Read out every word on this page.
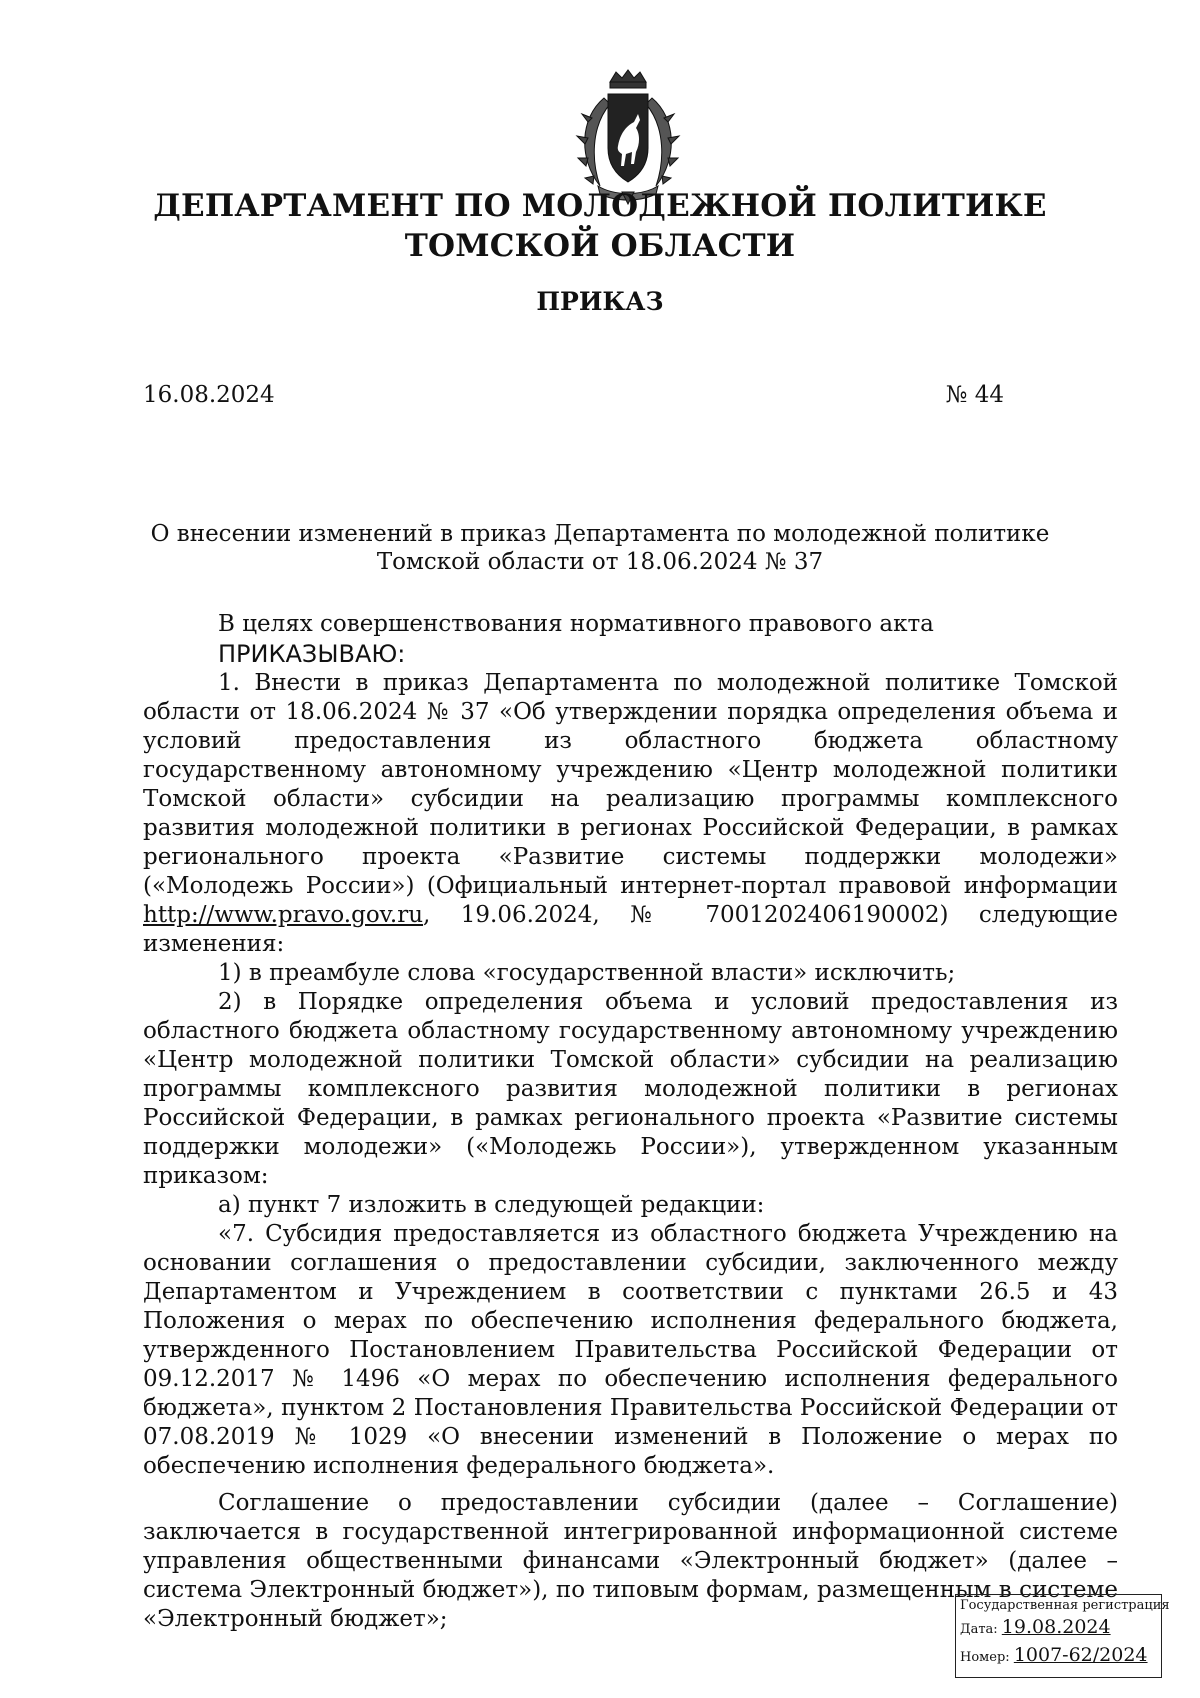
ДЕПАРТАМЕНТ ПО МОЛОДЕЖНОЙ ПОЛИТИКЕ
ТОМСКОЙ ОБЛАСТИ
ПРИКАЗ
16.08.2024	№ 44
О внесении изменений в приказ Департамента по молодежной политике
Томской области от 18.06.2024 № 37

В целях совершенствования нормативного правового акта

ПРИКАЗЫВАЮ:

1. Внести в приказ Департамента по молодежной политике Томской области от 18.06.2024 № 37 «Об утверждении порядка определения объема и условий предоставления из областного бюджета областному государственному автономному учреждению «Центр молодежной политики Томской области» субсидии на реализацию программы комплексного развития молодежной политики в регионах Российской Федерации, в рамках регионального проекта «Развитие системы поддержки молодежи» («Молодежь России») (Официальный интернет-портал правовой информации http://www.pravo.gov.ru, 19.06.2024, № 7001202406190002) следующие изменения:

1) в преамбуле слова «государственной власти» исключить;

2) в Порядке определения объема и условий предоставления из областного бюджета областному государственному автономному учреждению «Центр молодежной политики Томской области» субсидии на реализацию программы комплексного развития молодежной политики в регионах Российской Федерации, в рамках регионального проекта «Развитие системы поддержки молодежи» («Молодежь России»), утвержденном указанным приказом:

а) пункт 7 изложить в следующей редакции:

«7. Субсидия предоставляется из областного бюджета Учреждению на основании соглашения о предоставлении субсидии, заключенного между Департаментом и Учреждением в соответствии с пунктами 26.5 и 43 Положения о мерах по обеспечению исполнения федерального бюджета, утвержденного Постановлением Правительства Российской Федерации от 09.12.2017 № 1496 «О мерах по обеспечению исполнения федерального бюджета», пунктом 2 Постановления Правительства Российской Федерации от 07.08.2019 № 1029 «О внесении изменений в Положение о мерах по обеспечению исполнения федерального бюджета».

Соглашение о предоставлении субсидии (далее – Соглашение) заключается в государственной интегрированной информационной системе управления общественными финансами «Электронный бюджет» (далее – система Электронный бюджет»), по типовым формам, размещенным в системе «Электронный бюджет»;

Государственная регистрация
Дата: 19.08.2024
Номер: 1007-62/2024
